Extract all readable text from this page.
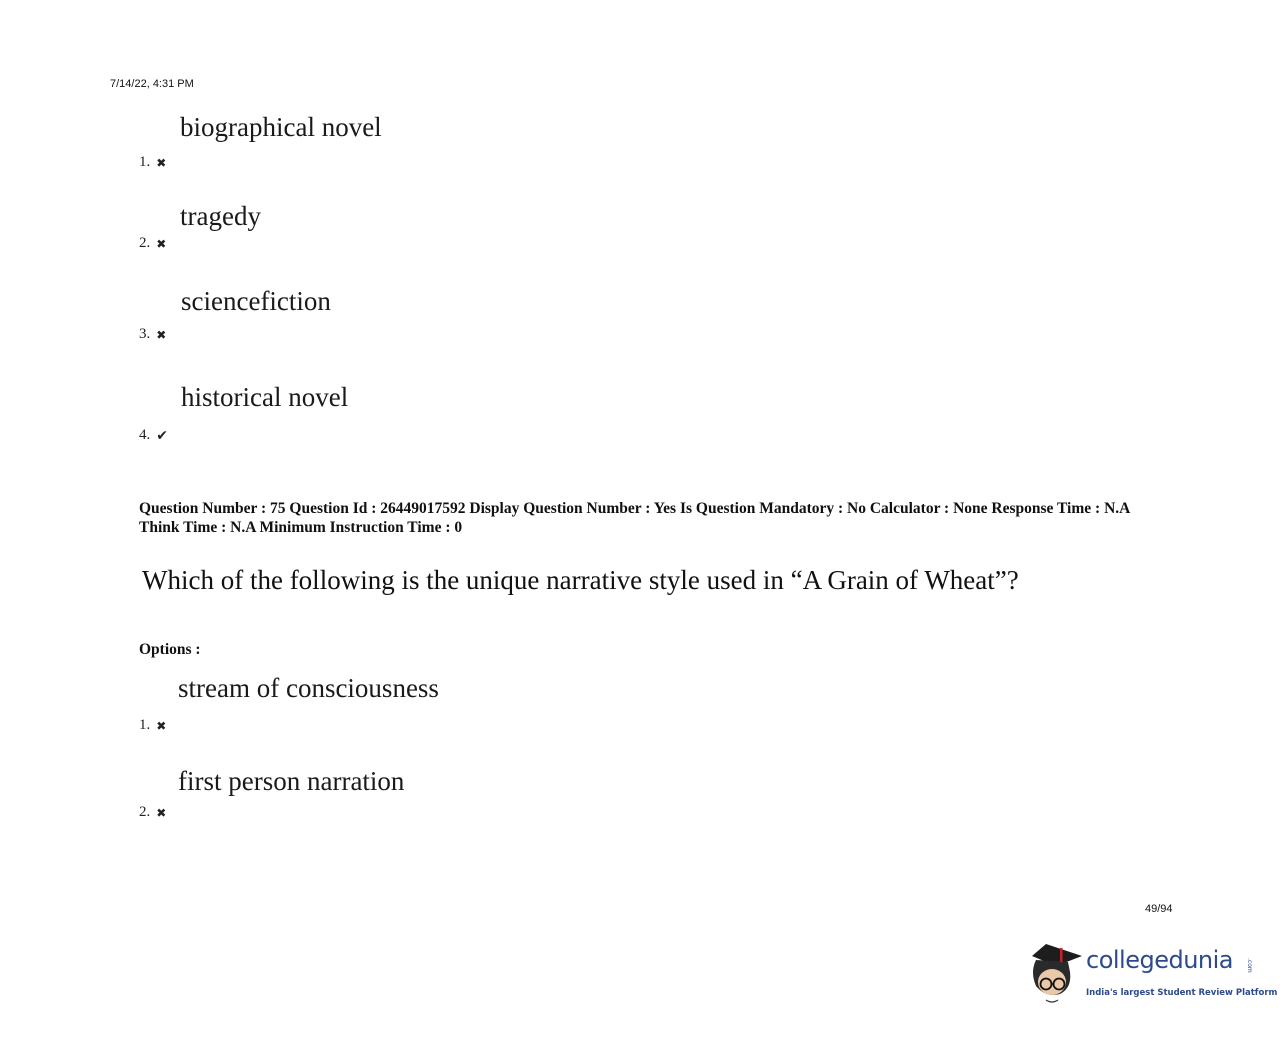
7/14/22, 4:31 PM
biographical novel
1. ✖
tragedy
2. ✖
sciencefiction
3. ✖
historical novel
4. ✔
Question Number : 75 Question Id : 26449017592 Display Question Number : Yes Is Question Mandatory : No Calculator : None Response Time : N.A Think Time : N.A Minimum Instruction Time : 0
Which of the following is the unique narrative style used in “A Grain of Wheat”?
Options :
stream of consciousness
1. ✖
first person narration
2. ✖
49/94
collegedunia .com
India's largest Student Review Platform
